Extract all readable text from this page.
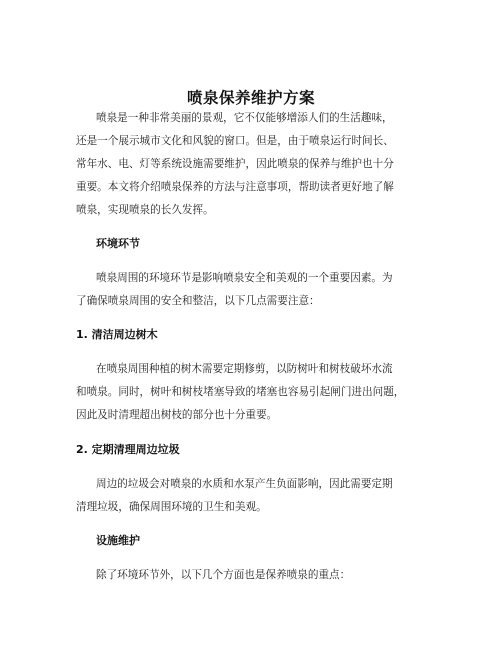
喷泉保养维护方案
喷泉是一种非常美丽的景观，它不仅能够增添人们的生活趣味，
还是一个展示城市文化和风貌的窗口。但是，由于喷泉运行时间长、
常年水、电、灯等系统设施需要维护，因此喷泉的保养与维护也十分
重要。本文将介绍喷泉保养的方法与注意事项，帮助读者更好地了解
喷泉，实现喷泉的长久发挥。
环境环节
喷泉周围的环境环节是影响喷泉安全和美观的一个重要因素。为
了确保喷泉周围的安全和整洁，以下几点需要注意：
1. 清洁周边树木
在喷泉周围种植的树木需要定期修剪，以防树叶和树枝破坏水流
和喷泉。同时，树叶和树枝堵塞导致的堵塞也容易引起闸门进出问题，
因此及时清理超出树枝的部分也十分重要。
2. 定期清理周边垃圾
周边的垃圾会对喷泉的水质和水泵产生负面影响，因此需要定期
清理垃圾，确保周围环境的卫生和美观。
设施维护
除了环境环节外，以下几个方面也是保养喷泉的重点：
